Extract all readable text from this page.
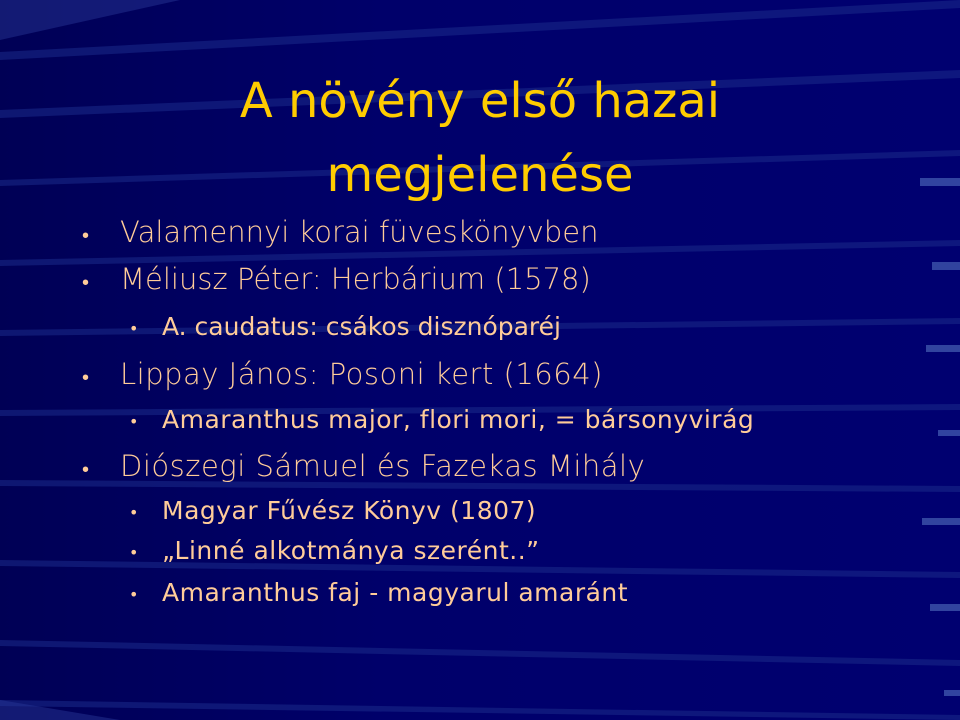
A növény első hazai
megjelenése
• Valamennyi korai füveskönyvben
• Méliusz Péter: Herbárium (1578)
• A. caudatus: csákos disznóparéj
• Lippay János: Posoni kert (1664)
• Amaranthus major, flori mori, = bársonyvirág
• Diószegi Sámuel és Fazekas Mihály
• Magyar Fűvész Könyv (1807)
• „Linné alkotmánya szerént..”
• Amaranthus faj - magyarul amaránt
